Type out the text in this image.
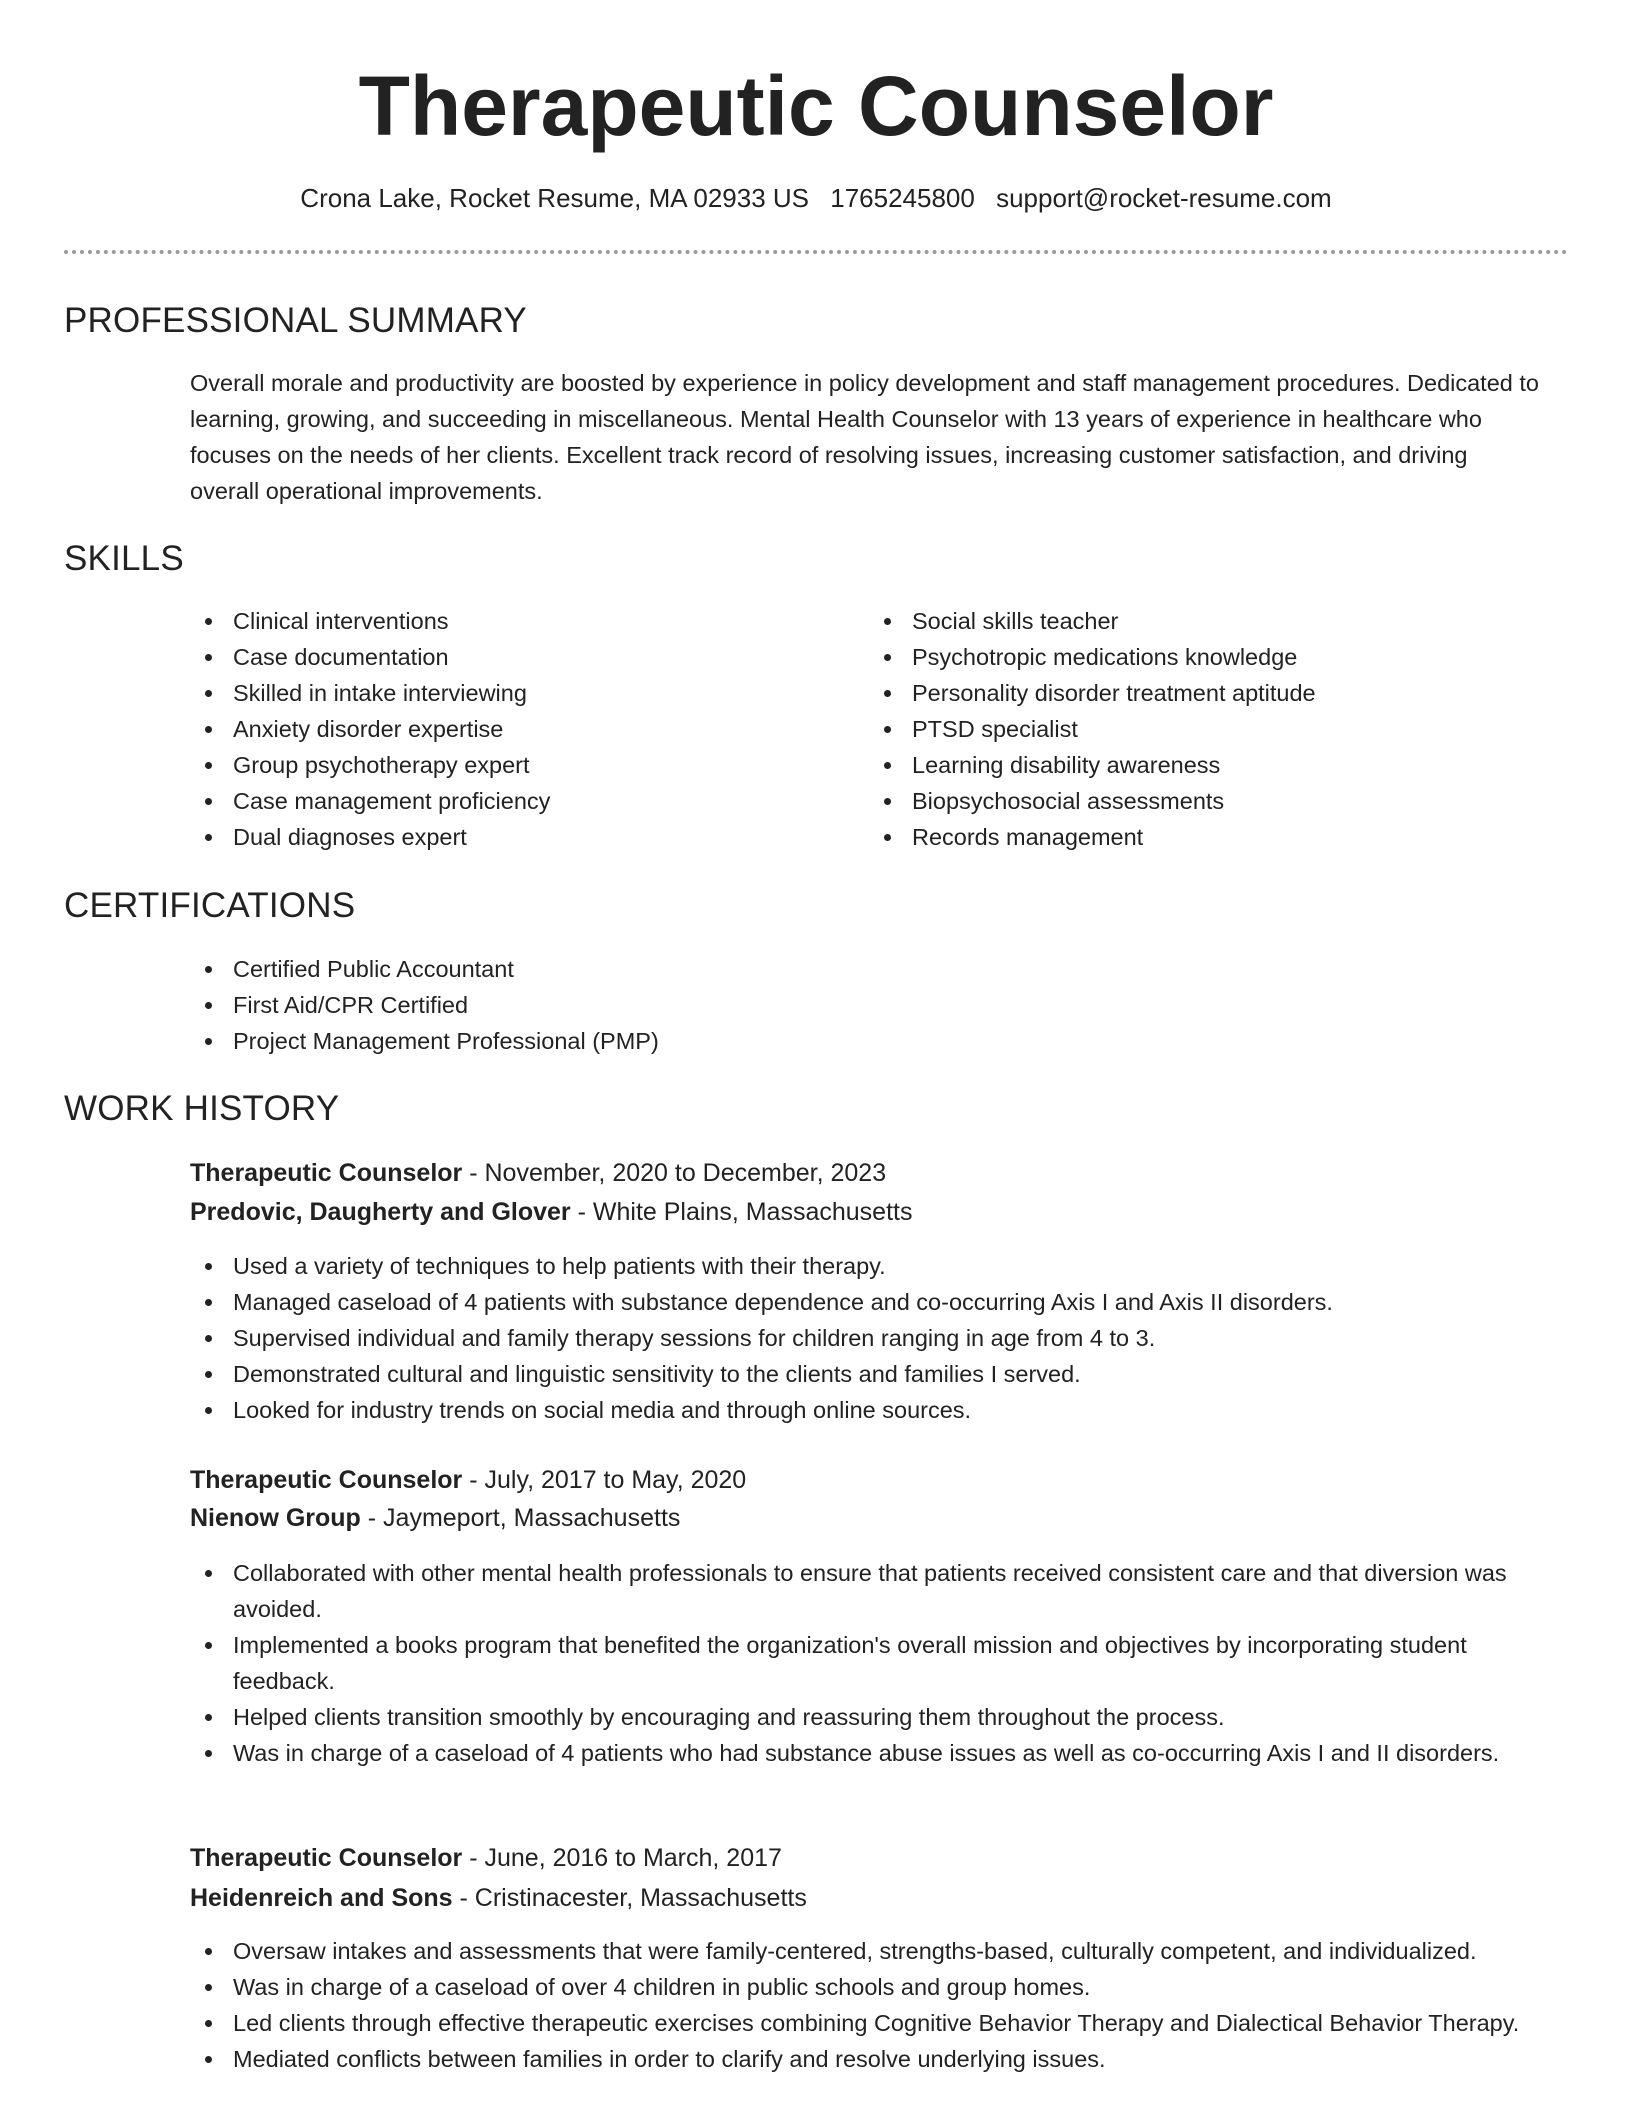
Therapeutic Counselor
Crona Lake, Rocket Resume, MA 02933 US 1765245800 support@rocket-resume.com
PROFESSIONAL SUMMARY

Overall morale and productivity are boosted by experience in policy development and staff management procedures. Dedicated to learning, growing, and succeeding in miscellaneous. Mental Health Counselor with 13 years of experience in healthcare who focuses on the needs of her clients. Excellent track record of resolving issues, increasing customer satisfaction, and driving overall operational improvements.

SKILLS
Clinical interventions
Case documentation
Skilled in intake interviewing
Anxiety disorder expertise
Group psychotherapy expert
Case management proficiency
Dual diagnoses expert
Social skills teacher
Psychotropic medications knowledge
Personality disorder treatment aptitude
PTSD specialist
Learning disability awareness
Biopsychosocial assessments
Records management
CERTIFICATIONS
Certified Public Accountant
First Aid/CPR Certified
Project Management Professional (PMP)
WORK HISTORY
Therapeutic Counselor - November, 2020 to December, 2023
Predovic, Daugherty and Glover - White Plains, Massachusetts
Used a variety of techniques to help patients with their therapy.
Managed caseload of 4 patients with substance dependence and co-occurring Axis I and Axis II disorders.
Supervised individual and family therapy sessions for children ranging in age from 4 to 3.
Demonstrated cultural and linguistic sensitivity to the clients and families I served.
Looked for industry trends on social media and through online sources.
Therapeutic Counselor - July, 2017 to May, 2020
Nienow Group - Jaymeport, Massachusetts
Collaborated with other mental health professionals to ensure that patients received consistent care and that diversion was avoided.
Implemented a books program that benefited the organization's overall mission and objectives by incorporating student feedback.
Helped clients transition smoothly by encouraging and reassuring them throughout the process.
Was in charge of a caseload of 4 patients who had substance abuse issues as well as co-occurring Axis I and II disorders.
Therapeutic Counselor - June, 2016 to March, 2017
Heidenreich and Sons - Cristinacester, Massachusetts
Oversaw intakes and assessments that were family-centered, strengths-based, culturally competent, and individualized.
Was in charge of a caseload of over 4 children in public schools and group homes.
Led clients through effective therapeutic exercises combining Cognitive Behavior Therapy and Dialectical Behavior Therapy.
Mediated conflicts between families in order to clarify and resolve underlying issues.
